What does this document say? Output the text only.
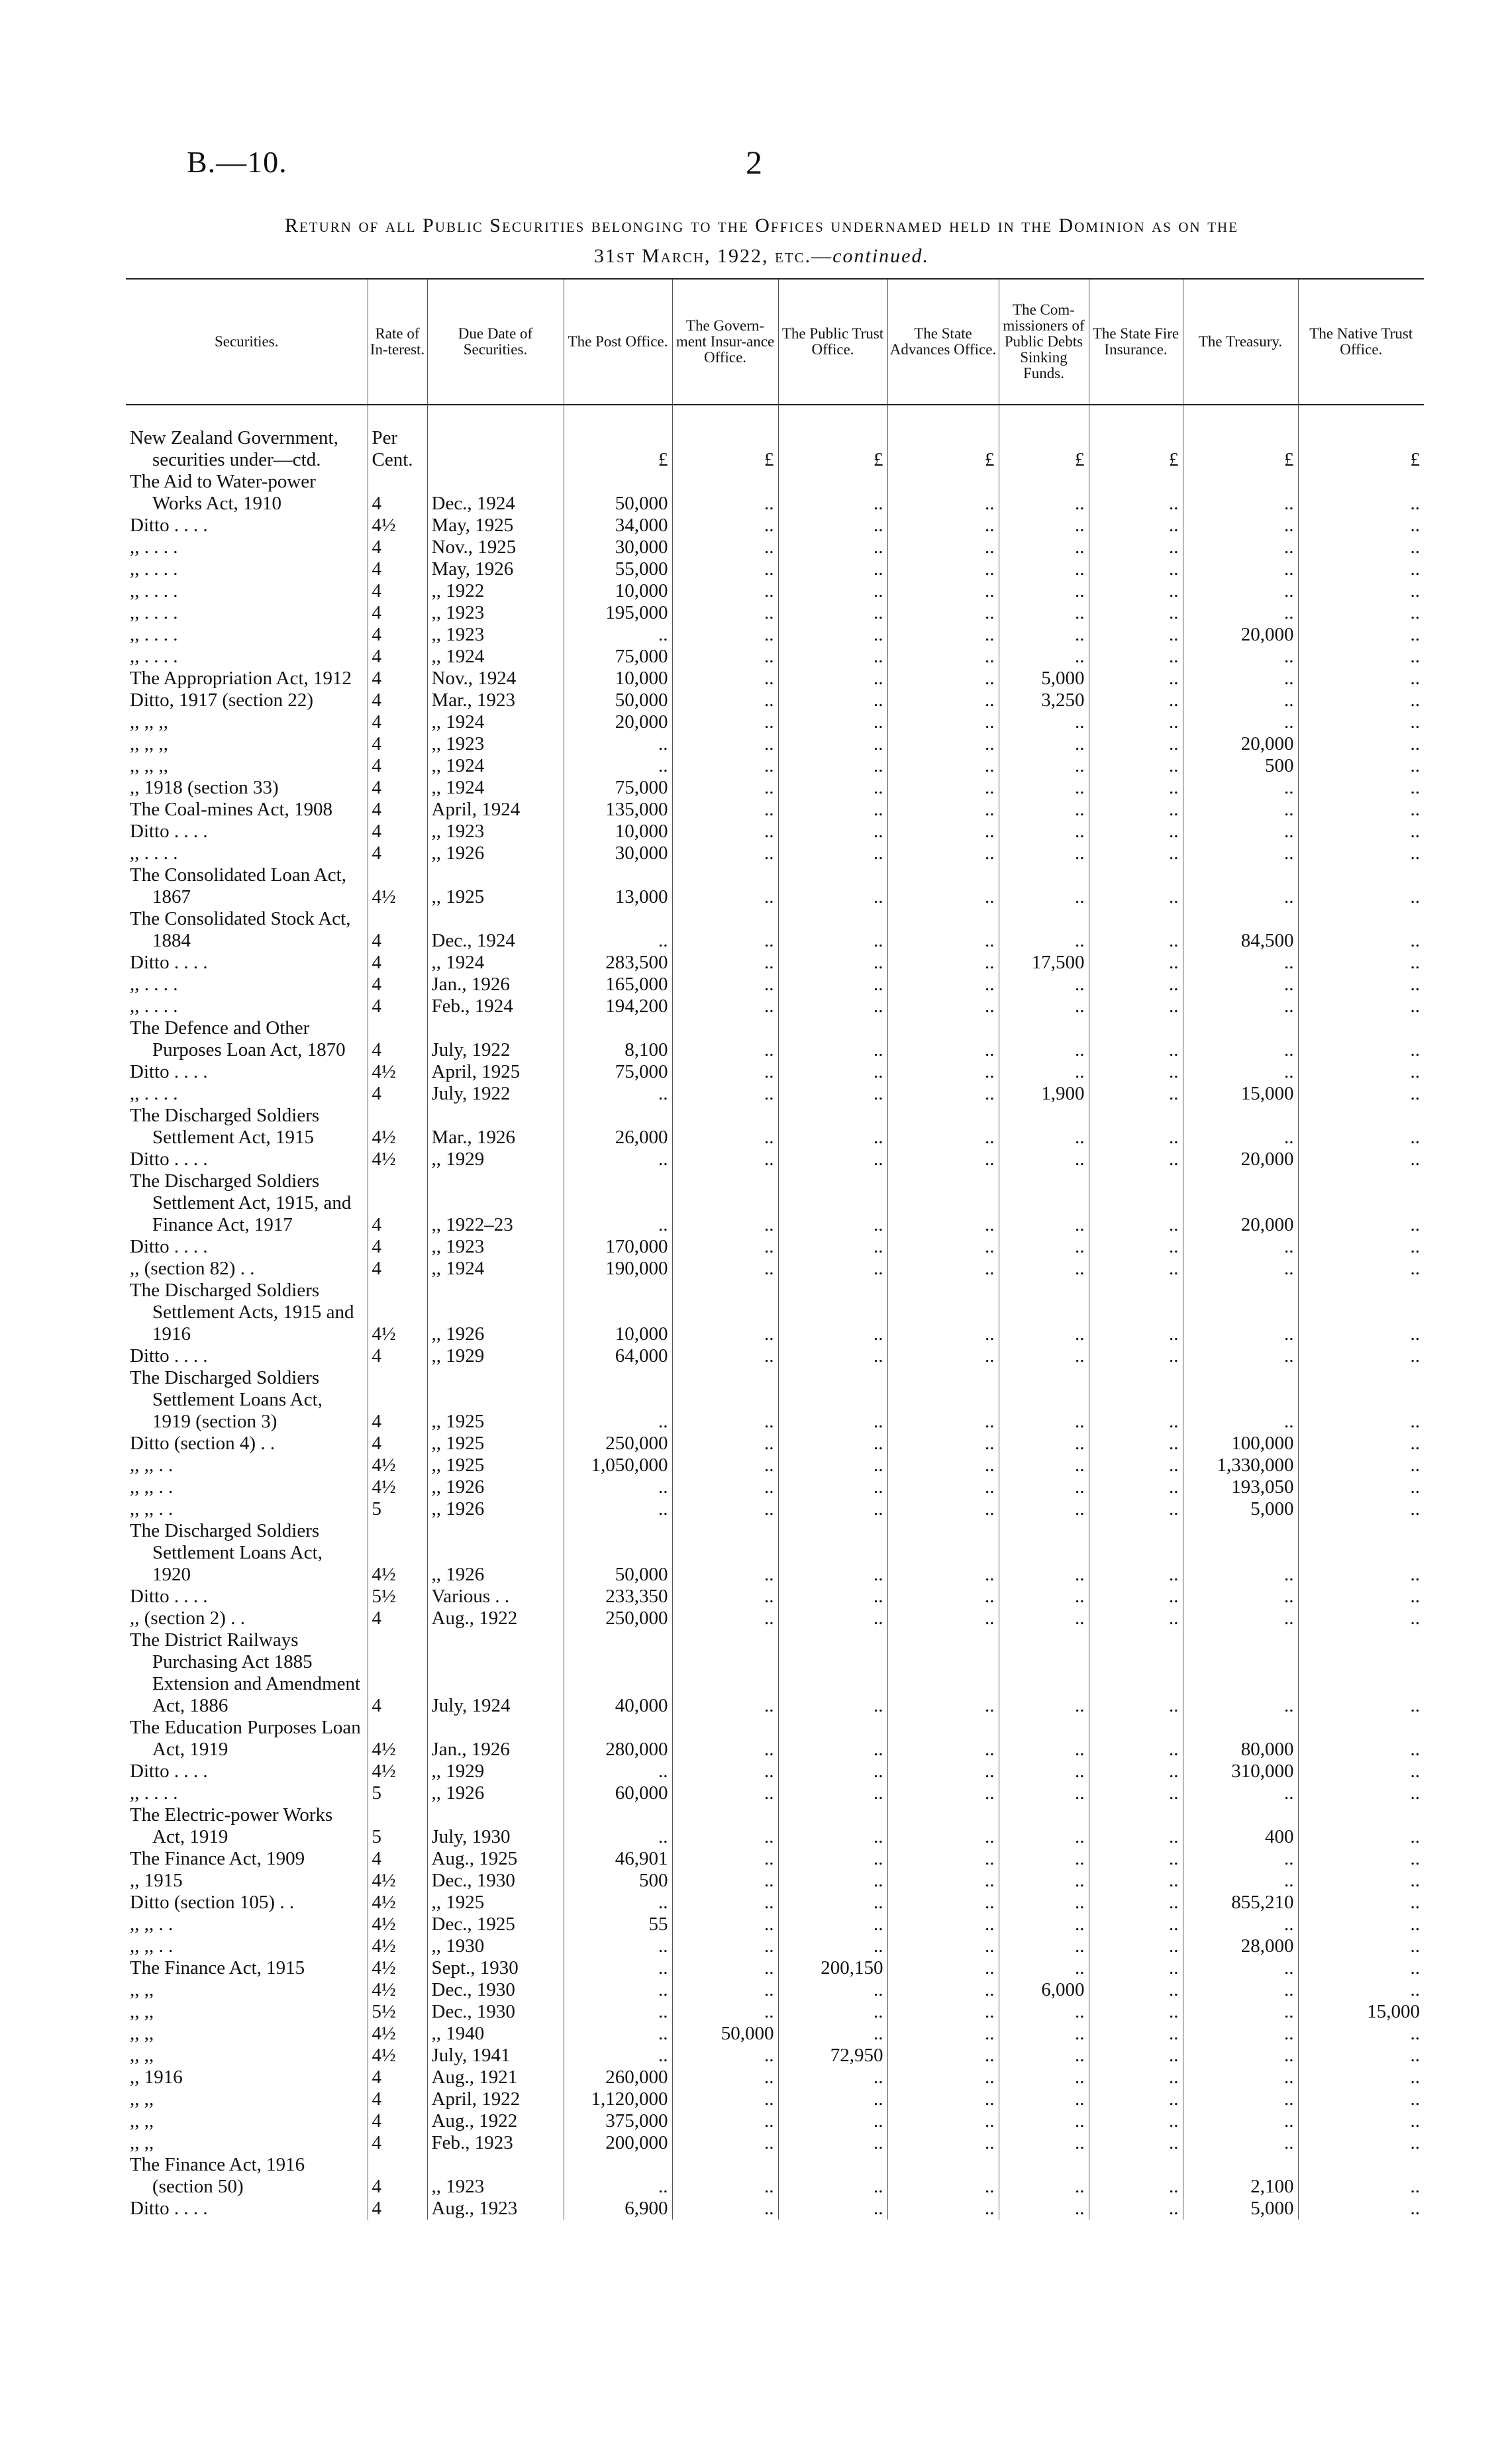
B.—10.	2
Return of all Public Securities belonging to the Offices undernamed held in the Dominion as on the
31st March, 1922, etc.—continued.
Securities.	Rate of In-terest.	Due Date of Securities.	The Post Office.	The Govern-ment Insur-ance Office.	The Public Trust Office.	The State Advances Office.	The Com-missioners of Public Debts Sinking Funds.	The State Fire Insurance.	The Treasury.	The Native Trust Office.

New Zealand Government, securities under—ctd.	Per
Cent.		£	£	£	£	£	£	£	£

The Aid to Water-power Works Act, 1910	4	Dec., 1924	50,000	..	..	..	..	..	..	..

Ditto . . . .	4½	May, 1925	34,000	..	..	..	..	..	..	..

,, . . . .	4	Nov., 1925	30,000	..	..	..	..	..	..	..

,, . . . .	4	May, 1926	55,000	..	..	..	..	..	..	..

,, . . . .	4	,, 1922	10,000	..	..	..	..	..	..	..

,, . . . .	4	,, 1923	195,000	..	..	..	..	..	..	..

,, . . . .	4	,, 1923	..	..	..	..	..	..	20,000	..

,, . . . .	4	,, 1924	75,000	..	..	..	..	..	..	..

The Appropriation Act, 1912	4	Nov., 1924	10,000	..	..	..	5,000	..	..	..

Ditto, 1917 (section 22)	4	Mar., 1923	50,000	..	..	..	3,250	..	..	..

,, ,, ,,	4	,, 1924	20,000	..	..	..	..	..	..	..

,, ,, ,,	4	,, 1923	..	..	..	..	..	..	20,000	..

,, ,, ,,	4	,, 1924	..	..	..	..	..	..	500	..

,, 1918 (section 33)	4	,, 1924	75,000	..	..	..	..	..	..	..

The Coal-mines Act, 1908	4	April, 1924	135,000	..	..	..	..	..	..	..

Ditto . . . .	4	,, 1923	10,000	..	..	..	..	..	..	..

,, . . . .	4	,, 1926	30,000	..	..	..	..	..	..	..

The Consolidated Loan Act, 1867	4½	,, 1925	13,000	..	..	..	..	..	..	..

The Consolidated Stock Act, 1884	4	Dec., 1924	..	..	..	..	..	..	84,500	..

Ditto . . . .	4	,, 1924	283,500	..	..	..	17,500	..	..	..

,, . . . .	4	Jan., 1926	165,000	..	..	..	..	..	..	..

,, . . . .	4	Feb., 1924	194,200	..	..	..	..	..	..	..

The Defence and Other Purposes Loan Act, 1870	4	July, 1922	8,100	..	..	..	..	..	..	..

Ditto . . . .	4½	April, 1925	75,000	..	..	..	..	..	..	..

,, . . . .	4	July, 1922	..	..	..	..	1,900	..	15,000	..

The Discharged Soldiers Settlement Act, 1915	4½	Mar., 1926	26,000	..	..	..	..	..	..	..

Ditto . . . .	4½	,, 1929	..	..	..	..	..	..	20,000	..

The Discharged Soldiers Settlement Act, 1915, and Finance Act, 1917	4	,, 1922–23	..	..	..	..	..	..	20,000	..

Ditto . . . .	4	,, 1923	170,000	..	..	..	..	..	..	..

,, (section 82) . .	4	,, 1924	190,000	..	..	..	..	..	..	..

The Discharged Soldiers Settlement Acts, 1915 and 1916	4½	,, 1926	10,000	..	..	..	..	..	..	..

Ditto . . . .	4	,, 1929	64,000	..	..	..	..	..	..	..

The Discharged Soldiers Settlement Loans Act, 1919 (section 3)	4	,, 1925	..	..	..	..	..	..	..	..

Ditto (section 4) . .	4	,, 1925	250,000	..	..	..	..	..	100,000	..

,, ,, . .	4½	,, 1925	1,050,000	..	..	..	..	..	1,330,000	..

,, ,, . .	4½	,, 1926	..	..	..	..	..	..	193,050	..

,, ,, . .	5	,, 1926	..	..	..	..	..	..	5,000	..

The Discharged Soldiers Settlement Loans Act, 1920	4½	,, 1926	50,000	..	..	..	..	..	..	..

Ditto . . . .	5½	Various . .	233,350	..	..	..	..	..	..	..

,, (section 2) . .	4	Aug., 1922	250,000	..	..	..	..	..	..	..

The District Railways Purchasing Act 1885 Extension and Amendment Act, 1886	4	July, 1924	40,000	..	..	..	..	..	..	..

The Education Purposes Loan Act, 1919	4½	Jan., 1926	280,000	..	..	..	..	..	80,000	..

Ditto . . . .	4½	,, 1929	..	..	..	..	..	..	310,000	..

,, . . . .	5	,, 1926	60,000	..	..	..	..	..	..	..

The Electric-power Works Act, 1919	5	July, 1930	..	..	..	..	..	..	400	..

The Finance Act, 1909	4	Aug., 1925	46,901	..	..	..	..	..	..	..

,, 1915	4½	Dec., 1930	500	..	..	..	..	..	..	..

Ditto (section 105) . .	4½	,, 1925	..	..	..	..	..	..	855,210	..

,, ,, . .	4½	Dec., 1925	55	..	..	..	..	..	..	..

,, ,, . .	4½	,, 1930	..	..	..	..	..	..	28,000	..

The Finance Act, 1915	4½	Sept., 1930	..	..	200,150	..	..	..	..	..

,, ,,	4½	Dec., 1930	..	..	..	..	6,000	..	..	..

,, ,,	5½	Dec., 1930	..	..	..	..	..	..	..	15,000

,, ,,	4½	,, 1940	..	50,000	..	..	..	..	..	..

,, ,,	4½	July, 1941	..	..	72,950	..	..	..	..	..

,, 1916	4	Aug., 1921	260,000	..	..	..	..	..	..	..

,, ,,	4	April, 1922	1,120,000	..	..	..	..	..	..	..

,, ,,	4	Aug., 1922	375,000	..	..	..	..	..	..	..

,, ,,	4	Feb., 1923	200,000	..	..	..	..	..	..	..

The Finance Act, 1916 (section 50)	4	,, 1923	..	..	..	..	..	..	2,100	..

Ditto . . . .	4	Aug., 1923	6,900	..	..	..	..	..	5,000	..
